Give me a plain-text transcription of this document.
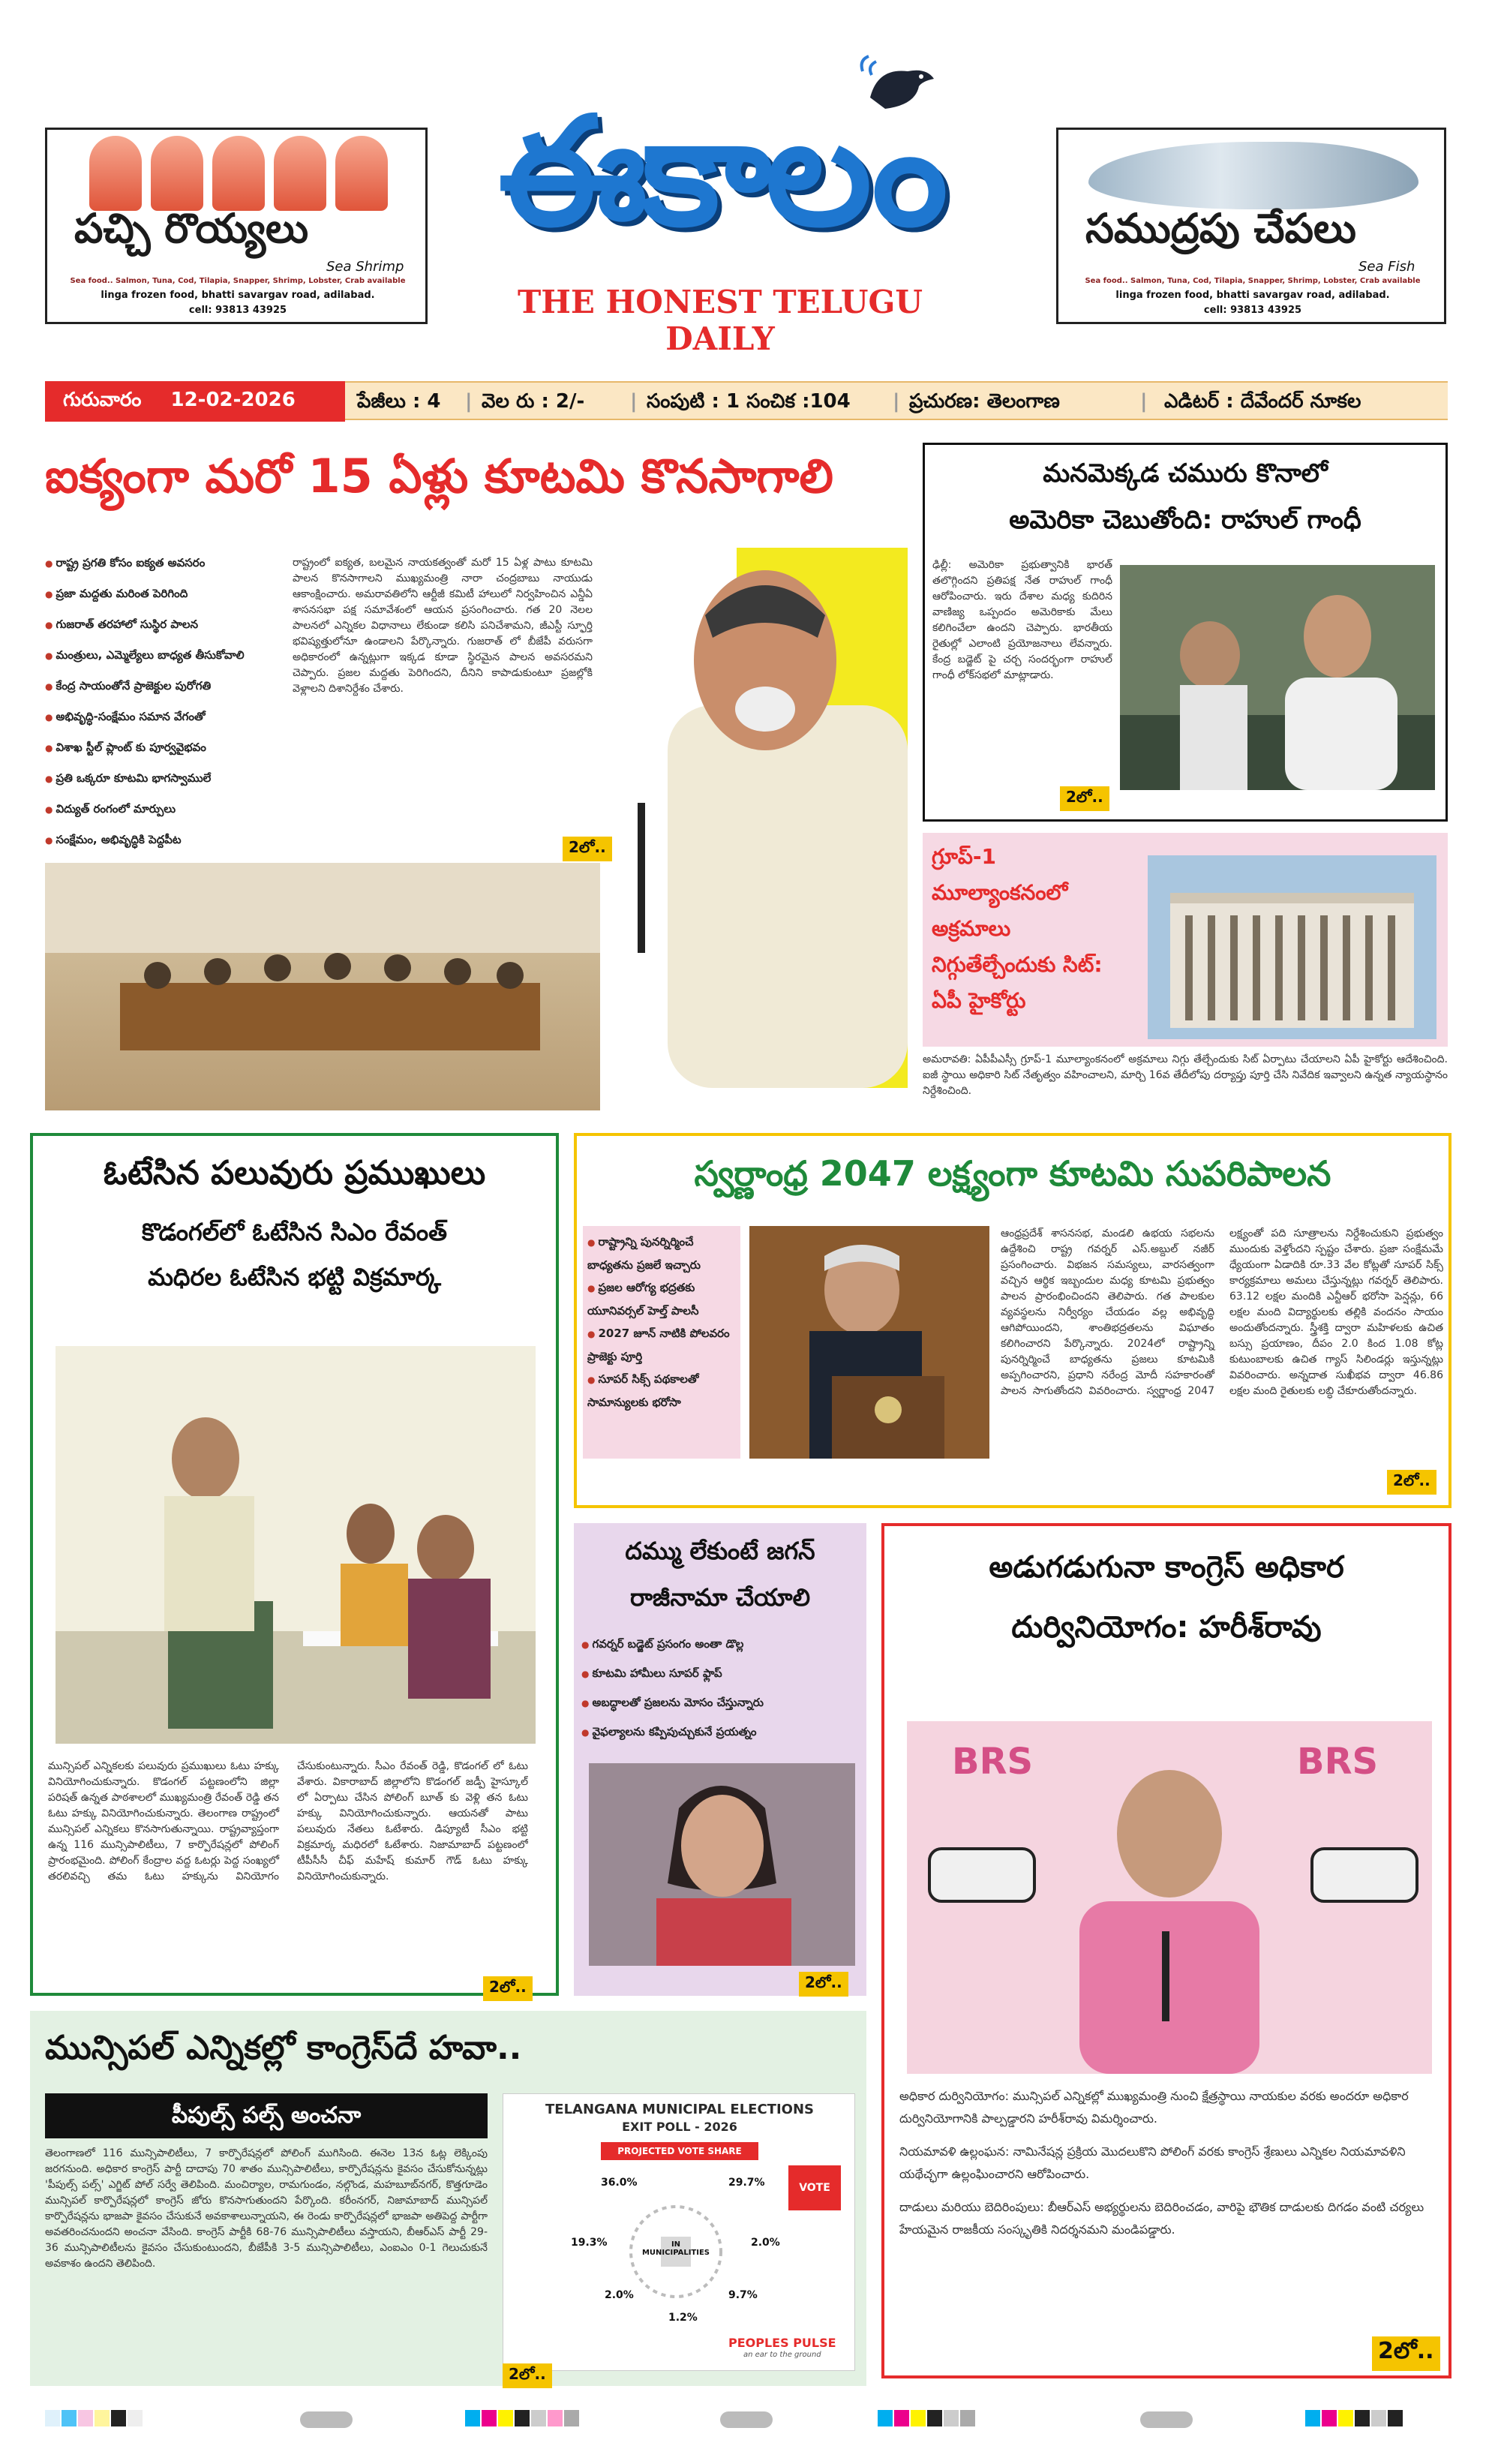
పచ్చి రొయ్యలు
Sea Shrimp
Sea food.. Salmon, Tuna, Cod, Tilapia, Snapper, Shrimp, Lobster, Crab available
linga frozen food, bhatti savargav road, adilabad.
cell: 93813 43925
ఈకాలం
THE HONEST TELUGU DAILY
సముద్రపు చేపలు
Sea Fish
Sea food.. Salmon, Tuna, Cod, Tilapia, Snapper, Shrimp, Lobster, Crab available
linga frozen food, bhatti savargav road, adilabad.
cell: 93813 43925
గురువారం 12-02-2026	పేజీలు : 4 | వెల రు : 2/- | సంపుటి : 1 సంచిక :104 | ప్రచురణ: తెలంగాణ	| ఎడిటర్ : దేవేందర్ నూకల
ఐక్యంగా మరో 15 ఏళ్లు కూటమి కొనసాగాలి
● రాష్ట్ర ప్రగతి కోసం ఐక్యత అవసరం
● ప్రజా మద్దతు మరింత పెరిగింది
● గుజరాత్ తరహాలో సుస్థిర పాలన
● మంత్రులు, ఎమ్మెల్యేలు బాధ్యత తీసుకోవాలి
● కేంద్ర సాయంతోనే ప్రాజెక్టుల పురోగతి
● అభివృద్ధి-సంక్షేమం సమాన వేగంతో
● విశాఖ స్టీల్ ప్లాంట్ కు పూర్వవైభవం
● ప్రతి ఒక్కరూ కూటమి భాగస్వాములే
● విద్యుత్ రంగంలో మార్పులు
● సంక్షేమం, అభివృద్ధికి పెద్దపీట
రాష్ట్రంలో ఐక్యత, బలమైన నాయకత్వంతో మరో 15 ఏళ్ల పాటు కూటమి పాలన కొనసాగాలని ముఖ్యమంత్రి నారా చంద్రబాబు నాయుడు ఆకాంక్షించారు. అమరావతిలోని ఆర్టీజీ కమిటీ హాలులో నిర్వహించిన ఎన్డీఏ శాసనసభా పక్ష సమావేశంలో ఆయన ప్రసంగించారు. గత 20 నెలల పాలనలో ఎన్నికల విధానాలు లేకుండా కలిసి పనిచేశామని, జీఎస్టీ స్ఫూర్తి భవిష్యత్తులోనూ ఉండాలని పేర్కొన్నారు. గుజరాత్ లో బీజేపీ వరుసగా అధికారంలో ఉన్నట్లుగా ఇక్కడ కూడా స్థిరమైన పాలన అవసరమని చెప్పారు. ప్రజల మద్దతు పెరిగిందని, దీనిని కాపాడుకుంటూ ప్రజల్లోకి వెళ్లాలని దిశానిర్దేశం చేశారు.
2లో..
మనమెక్కడ చమురు కొనాలో
అమెరికా చెబుతోంది: రాహుల్ గాంధీ
ఢిల్లీ: అమెరికా ప్రభుత్వానికి భారత్ తలొగ్గిందని ప్రతిపక్ష నేత రాహుల్ గాంధీ ఆరోపించారు. ఇరు దేశాల మధ్య కుదిరిన వాణిజ్య ఒప్పందం అమెరికాకు మేలు కలిగించేలా ఉందని చెప్పారు. భారతీయ రైతుల్లో ఎలాంటి ప్రయోజనాలు లేవన్నారు. కేంద్ర బడ్జెట్ పై చర్చ సందర్భంగా రాహుల్ గాంధీ లోక్‌సభలో మాట్లాడారు.
2లో..
గ్రూప్-1
మూల్యాంకనంలో
అక్రమాలు
నిగ్గుతేల్చేందుకు సిట్:
ఏపీ హైకోర్టు
అమరావతి: ఏపీపీఎస్సీ గ్రూప్-1 మూల్యాంకనంలో అక్రమాలు నిగ్గు తేల్చేందుకు సిట్ ఏర్పాటు చేయాలని ఏపీ హైకోర్టు ఆదేశించింది. ఐజీ స్థాయి అధికారి సిట్ నేతృత్వం వహించాలని, మార్చి 16వ తేదీలోపు దర్యాప్తు పూర్తి చేసి నివేదిక ఇవ్వాలని ఉన్నత న్యాయస్థానం నిర్దేశించింది.
ఓటేసిన పలువురు ప్రముఖులు
కొడంగల్‌లో ఓటేసిన సిఎం రేవంత్
మధిరల ఓటేసిన భట్టి విక్రమార్క
మున్సిపల్ ఎన్నికలకు పలువురు ప్రముఖులు ఓటు హక్కు వినియోగించుకున్నారు. కొడంగల్ పట్టణంలోని జిల్లా పరిషత్ ఉన్నత పాఠశాలలో ముఖ్యమంత్రి రేవంత్ రెడ్డి తన ఓటు హక్కు వినియోగించుకున్నారు. తెలంగాణ రాష్ట్రంలో మున్సిపల్ ఎన్నికలు కొనసాగుతున్నాయి. రాష్ట్రవ్యాప్తంగా ఉన్న 116 మున్సిపాలిటీలు, 7 కార్పొరేషన్లలో పోలింగ్ ప్రారంభమైంది. పోలింగ్ కేంద్రాల వద్ద ఓటర్లు పెద్ద సంఖ్యలో తరలివచ్చి తమ ఓటు హక్కును వినియోగం చేసుకుంటున్నారు. సీఎం రేవంత్ రెడ్డి, కొడంగల్ లో ఓటు వేశారు. వికారాబాద్ జిల్లాలోని కొడంగల్ జడ్పీ హైస్కూల్ లో ఏర్పాటు చేసిన పోలింగ్ బూత్ కు వెళ్లి తన ఓటు హక్కు వినియోగించుకున్నారు. ఆయనతో పాటు పలువురు నేతలు ఓటేశారు. డిప్యూటీ సీఎం భట్టి విక్రమార్క మధిరలో ఓటేశారు. నిజామాబాద్ పట్టణంలో టీపీసీసీ చీఫ్ మహేష్ కుమార్ గౌడ్ ఓటు హక్కు వినియోగించుకున్నారు.
2లో..
స్వర్ణాంధ్ర 2047 లక్ష్యంగా కూటమి సుపరిపాలన
● రాష్ట్రాన్ని పునర్నిర్మించే బాధ్యతను ప్రజలే ఇచ్చారు
● ప్రజల ఆరోగ్య భద్రతకు యూనివర్సల్ హెల్త్ పాలసీ
● 2027 జూన్ నాటికి పోలవరం ప్రాజెక్టు పూర్తి
● సూపర్ సిక్స్ పథకాలతో సామాన్యులకు భరోసా
ఆంధ్రప్రదేశ్ శాసనసభ, మండలి ఉభయ సభలను ఉద్దేశించి రాష్ట్ర గవర్నర్ ఎస్.అబ్దుల్ నజీర్ ప్రసంగించారు. విభజన సమస్యలు, వారసత్వంగా వచ్చిన ఆర్థిక ఇబ్బందుల మధ్య కూటమి ప్రభుత్వం పాలన ప్రారంభించిందని తెలిపారు. గత పాలకుల వ్యవస్థలను నిర్వీర్యం చేయడం వల్ల అభివృద్ధి ఆగిపోయిందని, శాంతిభద్రతలను విఘాతం కలిగించారని పేర్కొన్నారు. 2024లో రాష్ట్రాన్ని పునర్నిర్మించే బాధ్యతను ప్రజలు కూటమికి అప్పగించారని, ప్రధాని నరేంద్ర మోదీ సహకారంతో పాలన సాగుతోందని వివరించారు. స్వర్ణాంధ్ర 2047 లక్ష్యంతో పది సూత్రాలను నిర్దేశించుకుని ప్రభుత్వం ముందుకు వెళ్తోందని స్పష్టం చేశారు. ప్రజా సంక్షేమమే ధ్యేయంగా ఏడాదికి రూ.33 వేల కోట్లతో సూపర్ సిక్స్ కార్యక్రమాలు అమలు చేస్తున్నట్లు గవర్నర్ తెలిపారు. 63.12 లక్షల మందికి ఎన్టీఆర్ భరోసా పెన్షన్లు, 66 లక్షల మంది విద్యార్థులకు తల్లికి వందనం సాయం అందుతోందన్నారు. స్త్రీశక్తి ద్వారా మహిళలకు ఉచిత బస్సు ప్రయాణం, దీపం 2.0 కింద 1.08 కోట్ల కుటుంబాలకు ఉచిత గ్యాస్ సిలిండర్లు ఇస్తున్నట్లు వివరించారు. అన్నదాత సుఖీభవ ద్వారా 46.86 లక్షల మంది రైతులకు లబ్ధి చేకూరుతోందన్నారు.
2లో..
దమ్ము లేకుంటే జగన్
రాజీనామా చేయాలి
● గవర్నర్ బడ్జెట్ ప్రసంగం అంతా డొల్ల
● కూటమి హామీలు సూపర్ ఫ్లాప్
● అబద్ధాలతో ప్రజలను మోసం చేస్తున్నారు
● వైఫల్యాలను కప్పిపుచ్చుకునే ప్రయత్నం
2లో..
అడుగడుగునా కాంగ్రెస్ అధికార
దుర్వినియోగం: హరీశ్‌రావు
BRS	BRS
అధికార దుర్వినియోగం: మున్సిపల్ ఎన్నికల్లో ముఖ్యమంత్రి నుంచి క్షేత్రస్థాయి నాయకుల వరకు అందరూ అధికార దుర్వినియోగానికి పాల్పడ్డారని హరీశ్‌రావు విమర్శించారు.
నియమావళి ఉల్లంఘన: నామినేషన్ల ప్రక్రియ మొదలుకొని పోలింగ్ వరకు కాంగ్రెస్ శ్రేణులు ఎన్నికల నియమావళిని యథేచ్ఛగా ఉల్లంఘించారని ఆరోపించారు.
దాడులు మరియు బెదిరింపులు: బీఆర్ఎస్ అభ్యర్థులను బెదిరించడం, వారిపై భౌతిక దాడులకు దిగడం వంటి చర్యలు హేయమైన రాజకీయ సంస్కృతికి నిదర్శనమని మండిపడ్డారు.
2లో..
మున్సిపల్ ఎన్నికల్లో కాంగ్రెస్‌దే హవా..
పీపుల్స్ పల్స్ అంచనా
తెలంగాణలో 116 మున్సిపాలిటీలు, 7 కార్పొరేషన్లలో పోలింగ్ ముగిసింది. ఈనెల 13న ఓట్ల లెక్కింపు జరగనుంది. అధికార కాంగ్రెస్ పార్టీ దాదాపు 70 శాతం మున్సిపాలిటీలు, కార్పొరేషన్లను కైవసం చేసుకోనున్నట్లు 'పీపుల్స్ పల్స్' ఎగ్జిట్ పోల్ సర్వే తెలిపింది. మంచిర్యాల, రామగుండం, నల్గొండ, మహబూబ్‌నగర్, కొత్తగూడెం మున్సిపల్ కార్పొరేషన్లలో కాంగ్రెస్ జోరు కొనసాగుతుందని పేర్కొంది. కరీంనగర్, నిజామాబాద్ మున్సిపల్ కార్పొరేషన్లను భాజపా కైవసం చేసుకునే అవకాశాలున్నాయని, ఈ రెండు కార్పొరేషన్లలో భాజపా అతిపెద్ద పార్టీగా అవతరించనుందని అంచనా వేసింది. కాంగ్రెస్ పార్టీకి 68-76 మున్సిపాలిటీలు వస్తాయని, బీఆర్ఎస్ పార్టీ 29-36 మున్సిపాలిటీలను కైవసం చేసుకుంటుందని, బీజేపీకి 3-5 మున్సిపాలిటీలు, ఎంఐఎం 0-1 గెలుచుకునే అవకాశం ఉందని తెలిపింది.
TELANGANA MUNICIPAL ELECTIONS
EXIT POLL - 2026
PROJECTED VOTE SHARE
IN MUNICIPALITIES
36.0%	29.7%
19.3%	2.0%
9.7%
1.2%
2.0%
VOTE
PEOPLES PULSE
an ear to the ground
2లో..
